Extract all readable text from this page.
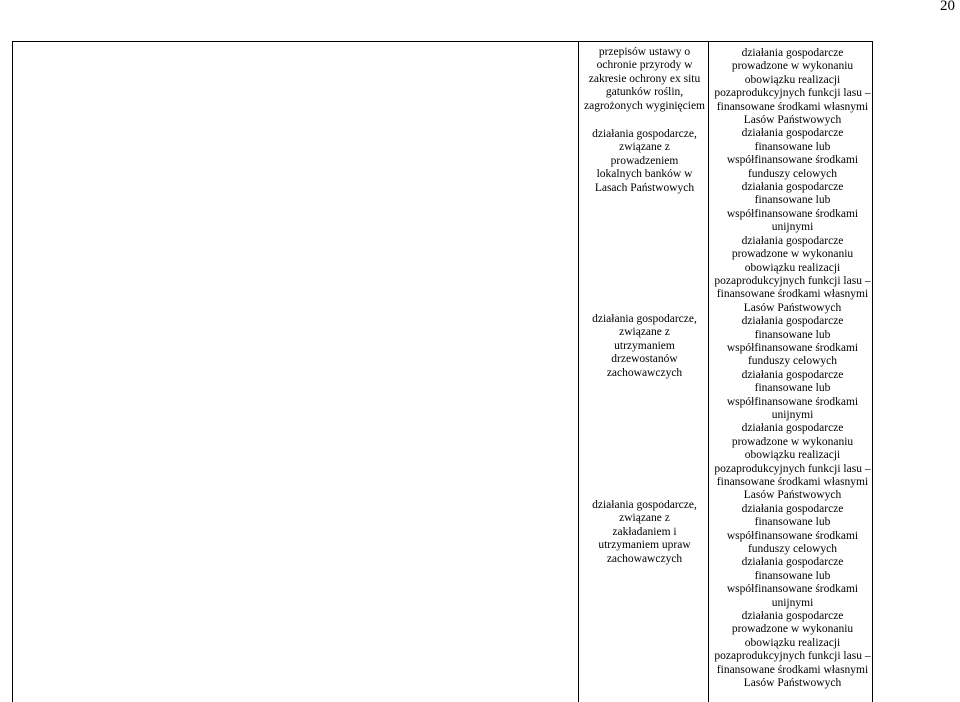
20

przepisów ustawy o ochronie przyrody w

zakresie ochrony ex situ gatunków roślin,

zagrożonych wyginięciem

działania gospodarcze,

związane z

prowadzeniem

lokalnych banków w

Lasach Państwowych

działania gospodarcze,

związane z

utrzymaniem

drzewostanów

zachowawczych

działania gospodarcze,

związane z

zakładaniem i

utrzymaniem upraw

zachowawczych

działania gospodarcze

prowadzone w wykonaniu

obowiązku realizacji

pozaprodukcyjnych funkcji lasu –

finansowane środkami własnymi

Lasów Państwowych

działania gospodarcze

finansowane lub

współfinansowane środkami

funduszy celowych

działania gospodarcze

finansowane lub

współfinansowane środkami

unijnymi

działania gospodarcze

prowadzone w wykonaniu

obowiązku realizacji

pozaprodukcyjnych funkcji lasu –

finansowane środkami własnymi

Lasów Państwowych

działania gospodarcze

finansowane lub

współfinansowane środkami

funduszy celowych

działania gospodarcze

finansowane lub

współfinansowane środkami

unijnymi

działania gospodarcze

prowadzone w wykonaniu

obowiązku realizacji

pozaprodukcyjnych funkcji lasu –

finansowane środkami własnymi

Lasów Państwowych

działania gospodarcze

finansowane lub

współfinansowane środkami

funduszy celowych

działania gospodarcze

finansowane lub

współfinansowane środkami

unijnymi

działania gospodarcze

prowadzone w wykonaniu

obowiązku realizacji

pozaprodukcyjnych funkcji lasu –

finansowane środkami własnymi

Lasów Państwowych
